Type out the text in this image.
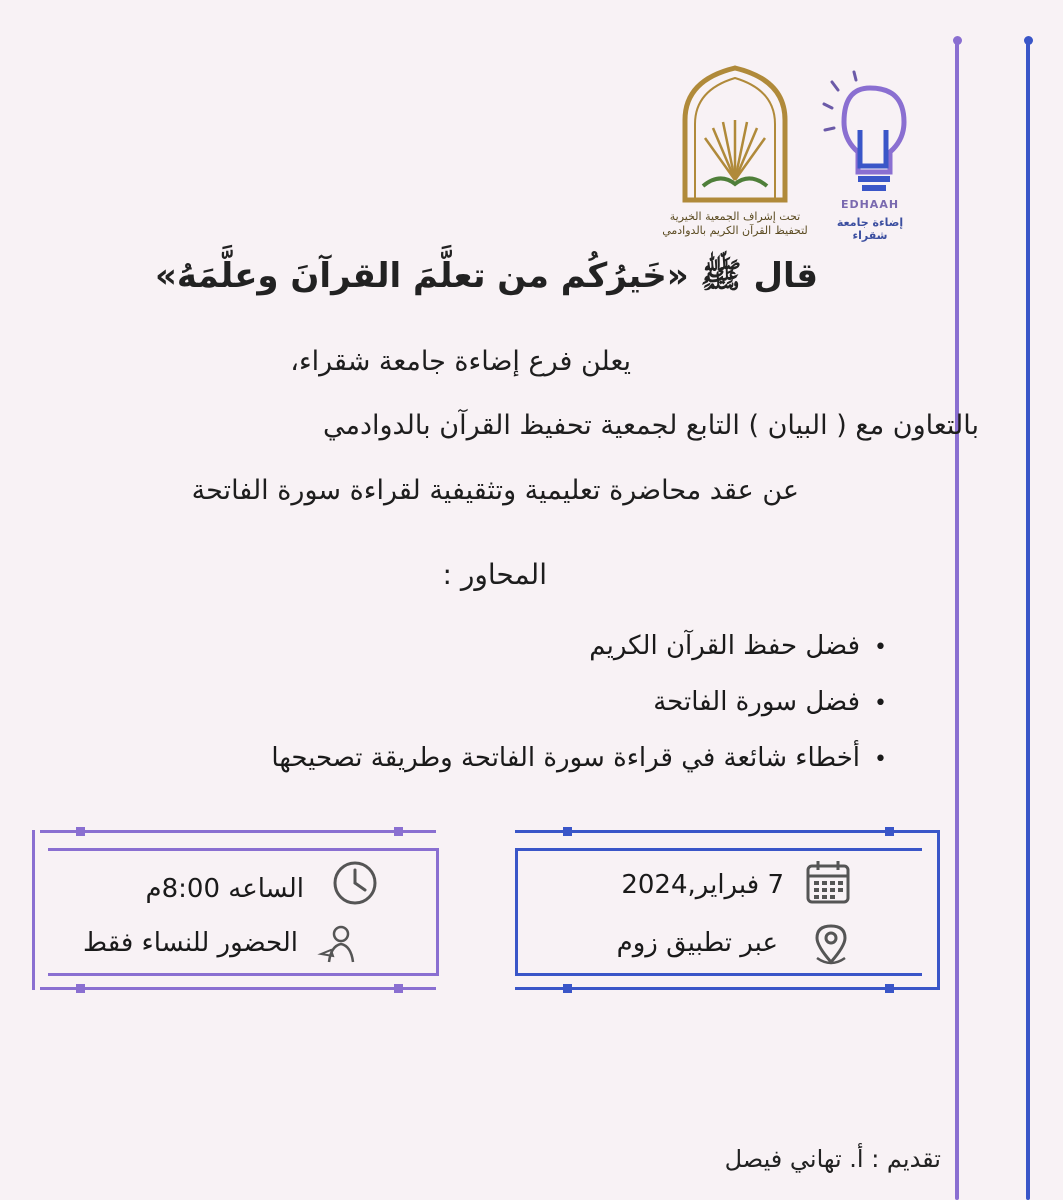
تحت إشراف الجمعية الخيرية
لتحفيظ القرآن الكريم بالدوادمي
EDHAAH
إضاءة جامعة شقراء
قال ﷺ «خَيرُكُم من تعلَّمَ القرآنَ وعلَّمَهُ»
يعلن فرع إضاءة جامعة شقراء،
بالتعاون مع ( البيان ) التابع لجمعية تحفيظ القرآن بالدوادمي
عن عقد محاضرة تعليمية وتثقيفية لقراءة سورة الفاتحة
المحاور :
• فضل حفظ القرآن الكريم
• فضل سورة الفاتحة
• أخطاء شائعة في قراءة سورة الفاتحة وطريقة تصحيحها
الساعه 8:00م
الحضور للنساء فقط
7 فبراير,2024
عبر تطبيق زوم
تقديم : أ. تهاني فيصل
